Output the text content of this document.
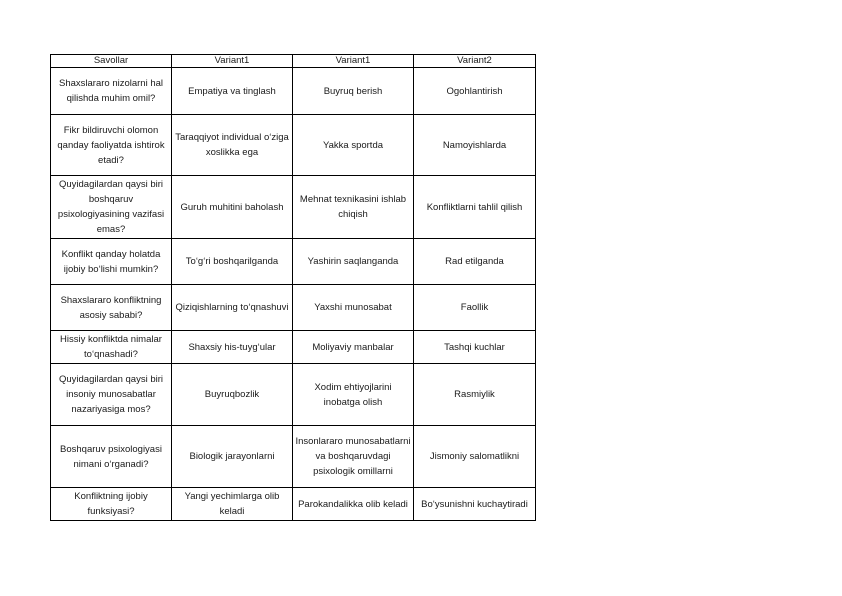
Savollar	Variant1	Variant1	Variant2
Shaxslararo nizolarni hal qilishda muhim omil?	Empatiya va tinglash	Buyruq berish	Ogohlantirish
Fikr bildiruvchi olomon qanday faoliyatda ishtirok etadi?	Taraqqiyot individual o‘ziga xoslikka ega	Yakka sportda	Namoyishlarda
Quyidagilardan qaysi biri boshqaruv psixologiyasining vazifasi emas?	Guruh muhitini baholash	Mehnat texnikasini ishlab chiqish	Konfliktlarni tahlil qilish
Konflikt qanday holatda ijobiy bo‘lishi mumkin?	To‘g‘ri boshqarilganda	Yashirin saqlanganda	Rad etilganda
Shaxslararo konfliktning asosiy sababi?	Qiziqishlarning to‘qnashuvi	Yaxshi munosabat	Faollik
Hissiy konfliktda nimalar to‘qnashadi?	Shaxsiy his-tuyg‘ular	Moliyaviy manbalar	Tashqi kuchlar
Quyidagilardan qaysi biri insoniy munosabatlar nazariyasiga mos?	Buyruqbozlik	Xodim ehtiyojlarini inobatga olish	Rasmiylik
Boshqaruv psixologiyasi nimani o‘rganadi?	Biologik jarayonlarni	Insonlararo munosabatlarni va boshqaruvdagi psixologik omillarni	Jismoniy salomatlikni
Konfliktning ijobiy funksiyasi?	Yangi yechimlarga olib keladi	Parokandalikka olib keladi	Bo‘ysunishni kuchaytiradi
